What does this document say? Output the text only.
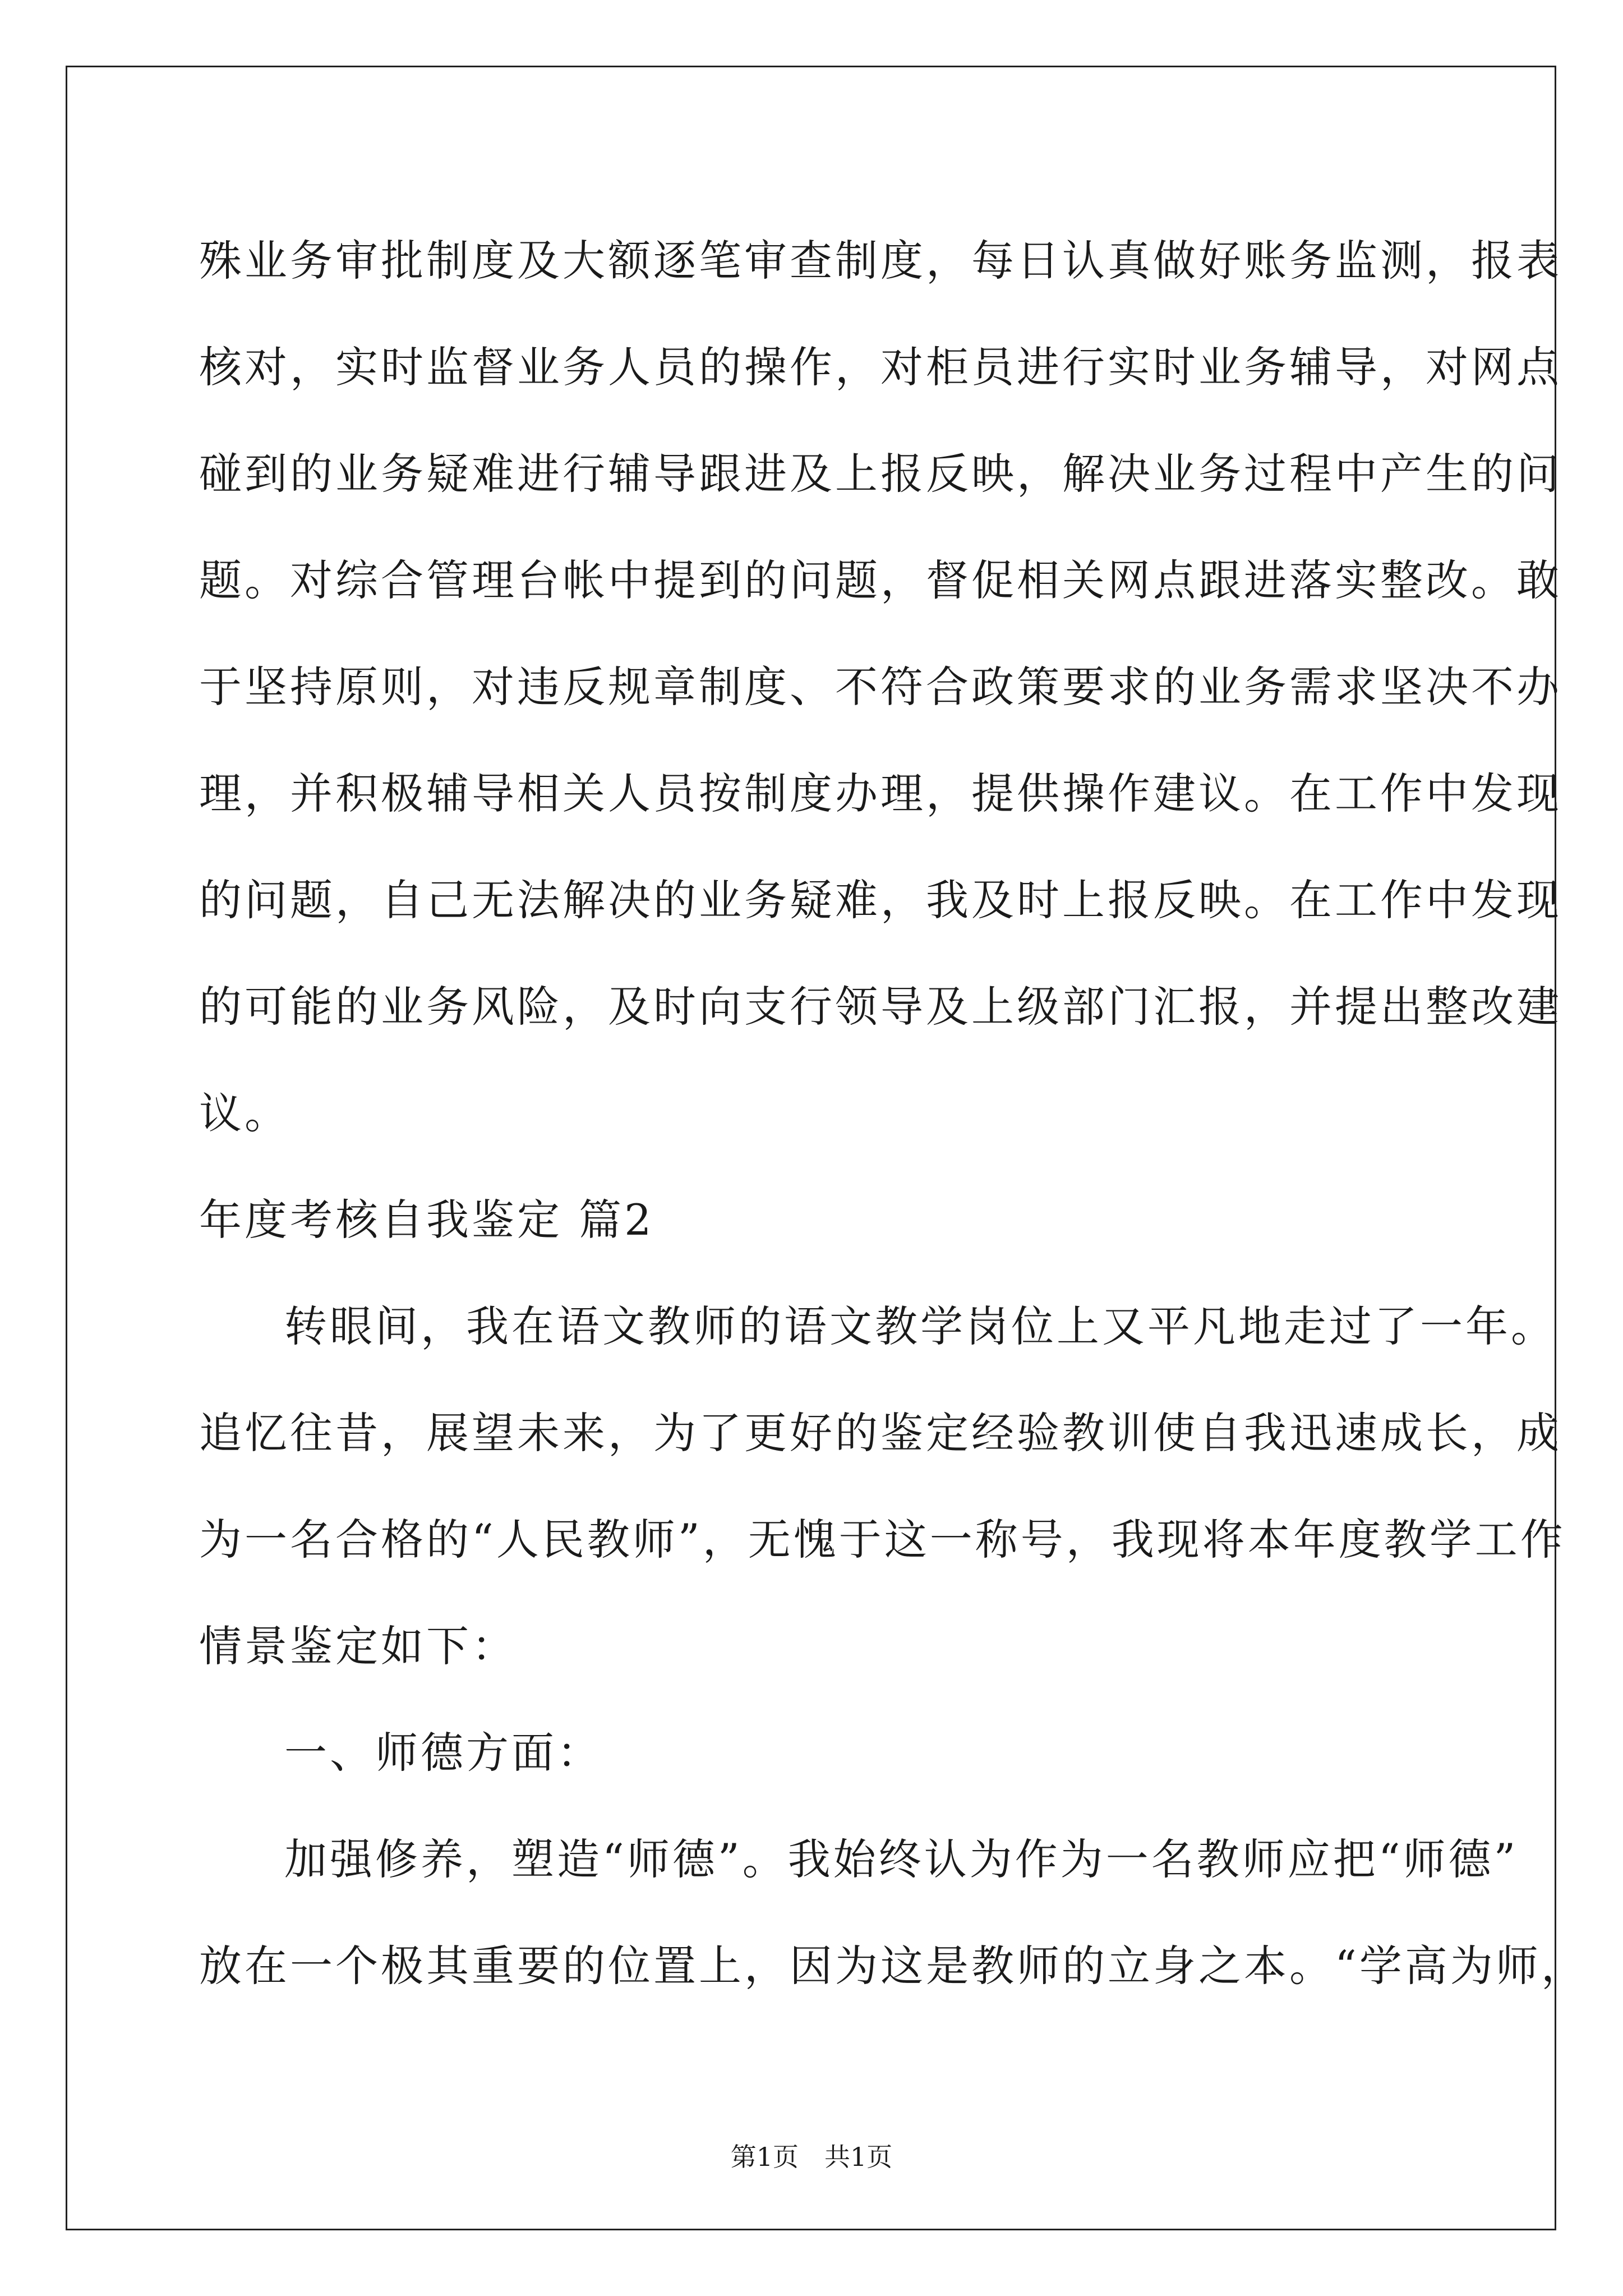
殊业务审批制度及大额逐笔审查制度，每日认真做好账务监测，报表
核对，实时监督业务人员的操作，对柜员进行实时业务辅导，对网点
碰到的业务疑难进行辅导跟进及上报反映，解决业务过程中产生的问
题。对综合管理台帐中提到的问题，督促相关网点跟进落实整改。敢
于坚持原则，对违反规章制度、不符合政策要求的业务需求坚决不办
理，并积极辅导相关人员按制度办理，提供操作建议。在工作中发现
的问题，自己无法解决的业务疑难，我及时上报反映。在工作中发现
的可能的业务风险，及时向支行领导及上级部门汇报，并提出整改建
议。
年度考核自我鉴定 篇2
转眼间，我在语文教师的语文教学岗位上又平凡地走过了一年。
追忆往昔，展望未来，为了更好的鉴定经验教训使自我迅速成长，成
为一名合格的“人民教师”，无愧于这一称号，我现将本年度教学工作
情景鉴定如下：
一、师德方面：
加强修养，塑造“师德”。我始终认为作为一名教师应把“师德”
放在一个极其重要的位置上，因为这是教师的立身之本。“学高为师，
第1页　共1页
